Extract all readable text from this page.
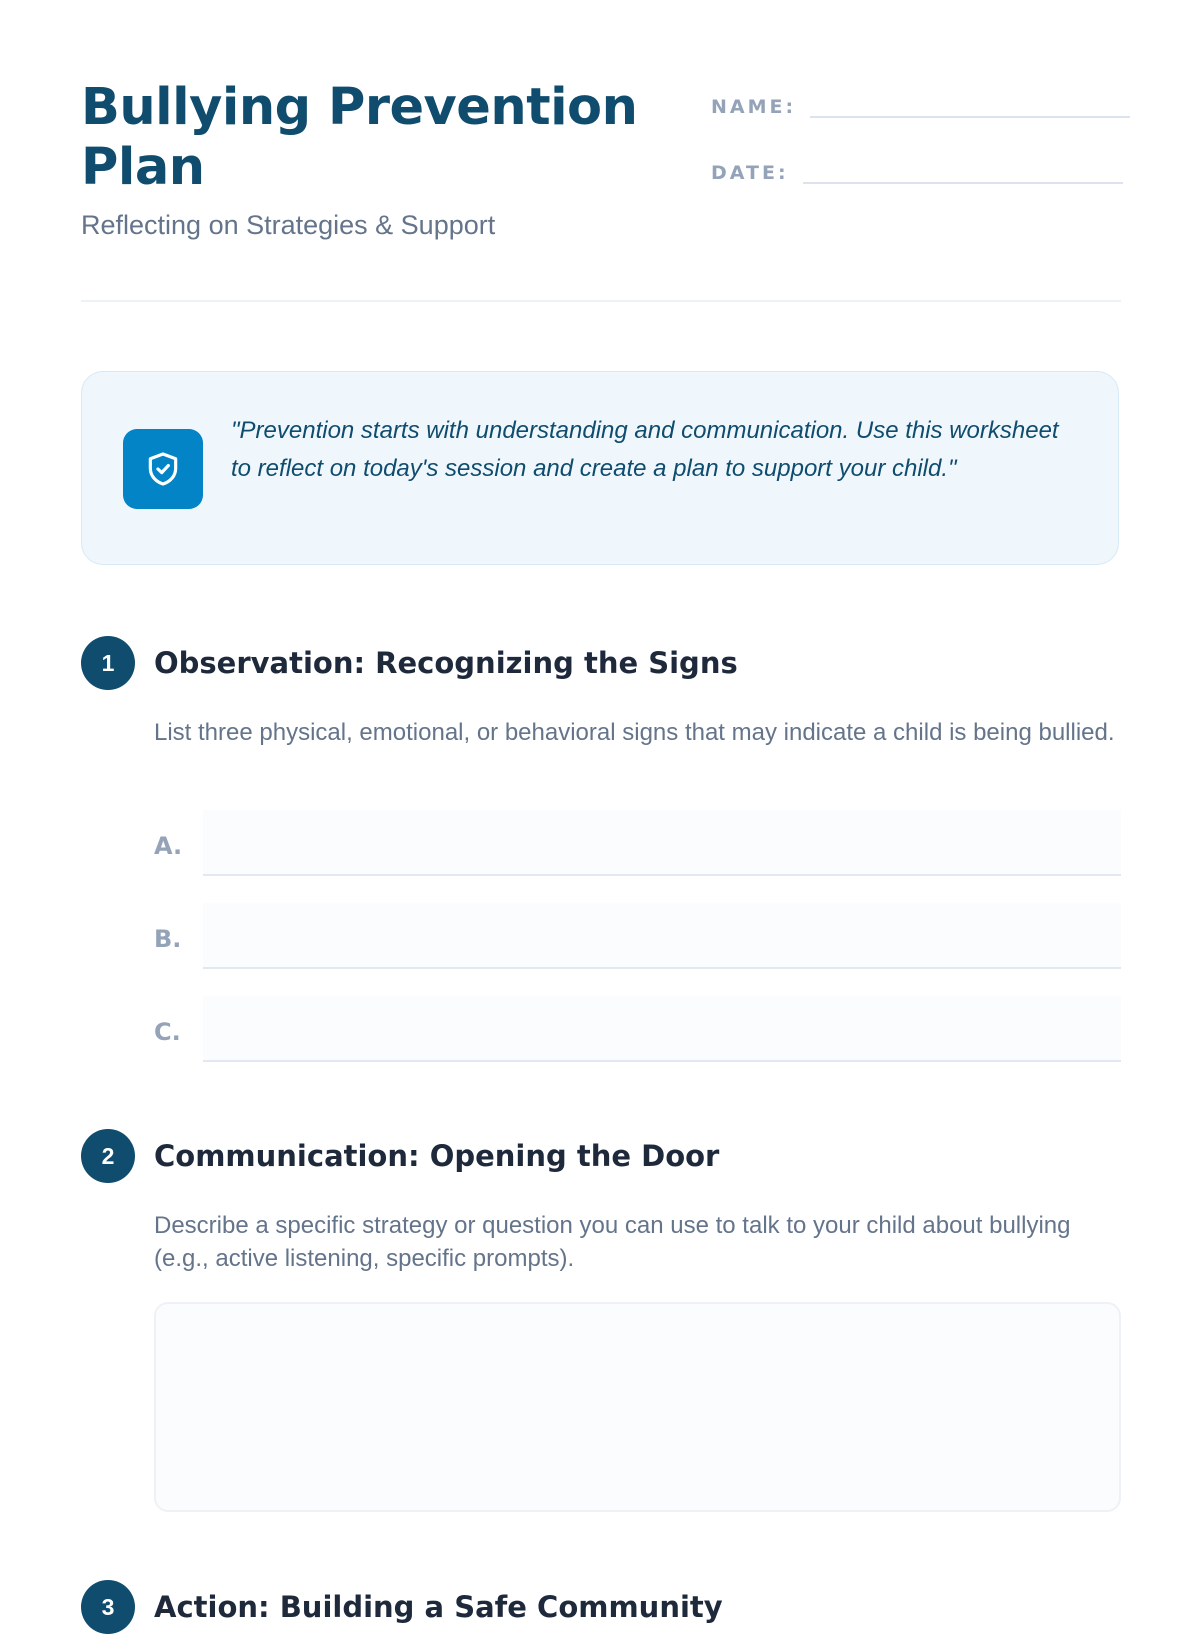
Bullying Prevention Plan

Reflecting on Strategies & Support

NAME:
DATE:

"Prevention starts with understanding and communication. Use this worksheet to reflect on today's session and create a plan to support your child."

1	Observation: Recognizing the Signs

List three physical, emotional, or behavioral signs that may indicate a child is being bullied.

A.
B.
C.
2	Communication: Opening the Door

Describe a specific strategy or question you can use to talk to your child about bullying (e.g., active listening, specific prompts).

3	Action: Building a Safe Community
